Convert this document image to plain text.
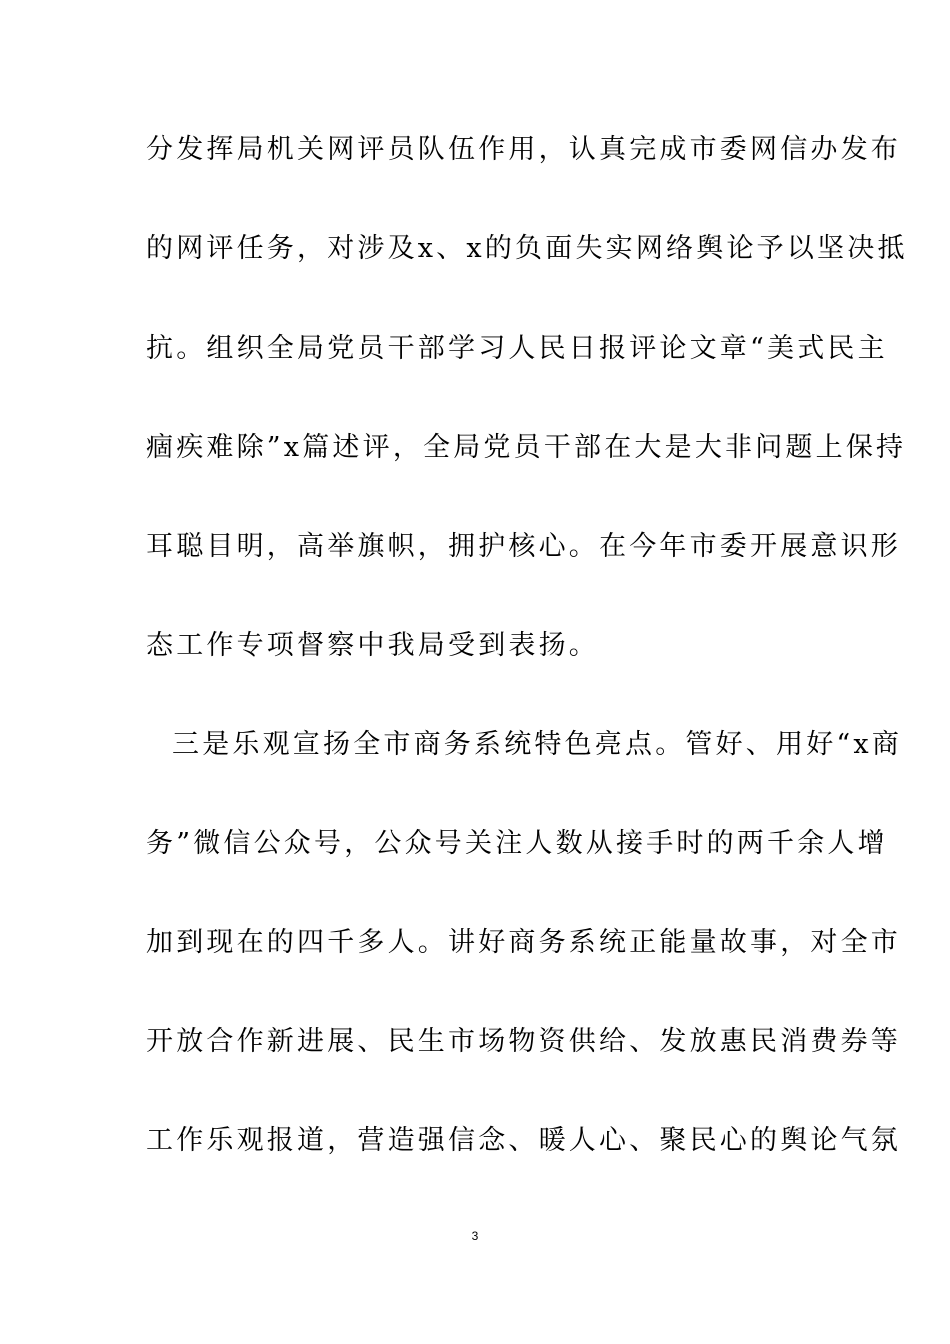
分发挥局机关网评员队伍作用，认真完成市委网信办发布
的网评任务，对涉及x、x的负面失实网络舆论予以坚决抵
抗。组织全局党员干部学习人民日报评论文章“美式民主
痼疾难除”x篇述评，全局党员干部在大是大非问题上保持
耳聪目明，高举旗帜，拥护核心。在今年市委开展意识形
态工作专项督察中我局受到表扬。
三是乐观宣扬全市商务系统特色亮点。管好、用好“x商
务”微信公众号，公众号关注人数从接手时的两千余人增
加到现在的四千多人。讲好商务系统正能量故事，对全市
开放合作新进展、民生市场物资供给、发放惠民消费券等
工作乐观报道，营造强信念、暖人心、聚民心的舆论气氛
3
